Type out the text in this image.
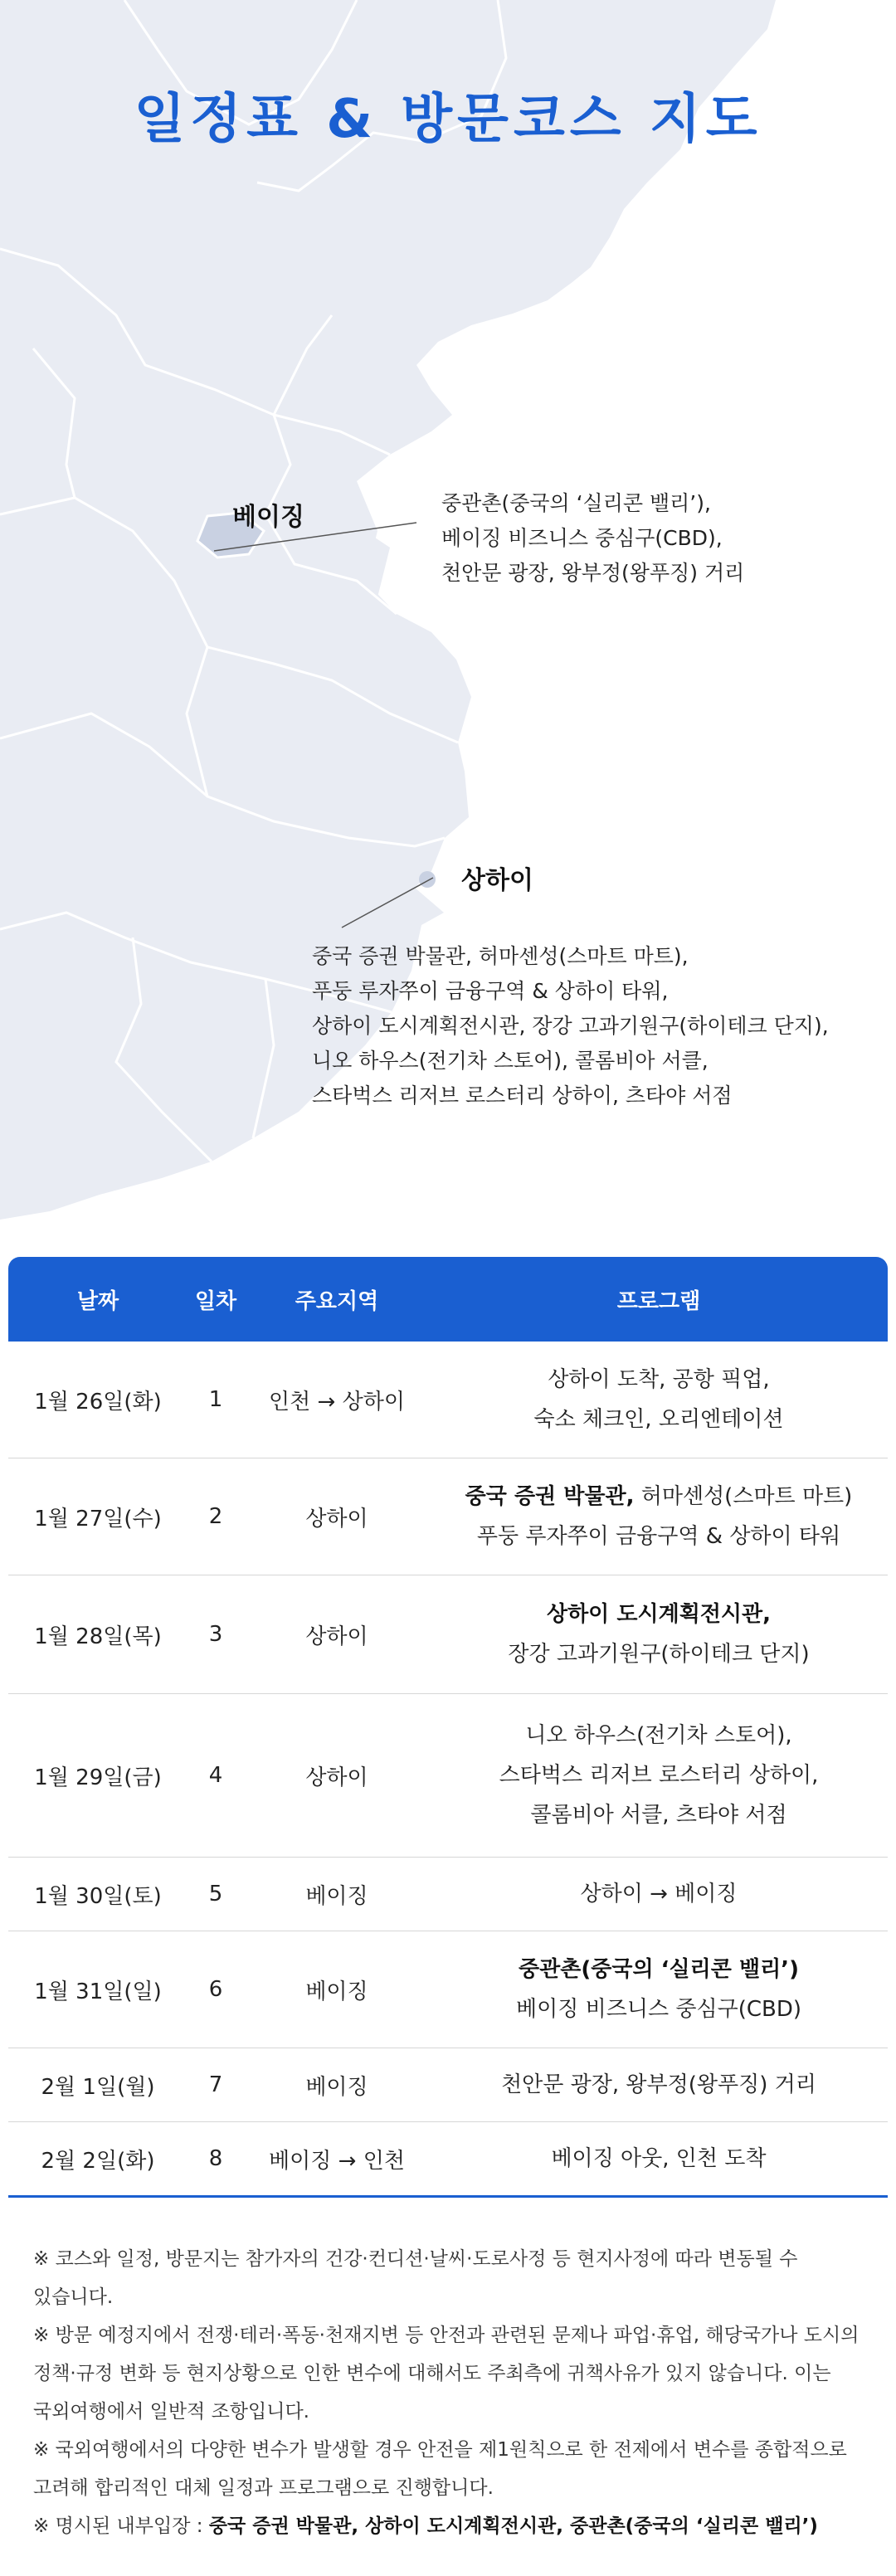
일정표 & 방문코스 지도
베이징	중관촌(중국의 ‘실리콘 밸리’),
베이징 비즈니스 중심구(CBD),
천안문 광장, 왕부정(왕푸징) 거리
상하이
중국 증권 박물관, 허마센성(스마트 마트),
푸둥 루자쭈이 금융구역 & 상하이 타워,
상하이 도시계획전시관, 장강 고과기원구(하이테크 단지),
니오 하우스(전기차 스토어), 콜롬비아 서클,
스타벅스 리저브 로스터리 상하이, 츠타야 서점
날짜	일차	주요지역	프로그램
1월 26일(화)	1	인천 → 상하이
상하이 도착, 공항 픽업,
숙소 체크인, 오리엔테이션
1월 27일(수)	2	상하이
중국 증권 박물관, 허마센성(스마트 마트)
푸둥 루자쭈이 금융구역 & 상하이 타워
1월 28일(목)	3	상하이
상하이 도시계획전시관,
장강 고과기원구(하이테크 단지)
1월 29일(금)	4	상하이
니오 하우스(전기차 스토어),
스타벅스 리저브 로스터리 상하이,
콜롬비아 서클, 츠타야 서점
1월 30일(토)	5	베이징	상하이 → 베이징
1월 31일(일)	6	베이징
중관촌(중국의 ‘실리콘 밸리’)
베이징 비즈니스 중심구(CBD)
2월 1일(월)	7	베이징	천안문 광장, 왕부정(왕푸징) 거리
2월 2일(화)	8	베이징 → 인천	베이징 아웃, 인천 도착

※ 코스와 일정, 방문지는 참가자의 건강·컨디션·날씨·도로사정 등 현지사정에 따라 변동될 수 있습니다.

※ 방문 예정지에서 전쟁·테러·폭동·천재지변 등 안전과 관련된 문제나 파업·휴업, 해당국가나 도시의 정책·규정 변화 등 현지상황으로 인한 변수에 대해서도 주최측에 귀책사유가 있지 않습니다. 이는 국외여행에서 일반적 조항입니다.

※ 국외여행에서의 다양한 변수가 발생할 경우 안전을 제1원칙으로 한 전제에서 변수를 종합적으로 고려해 합리적인 대체 일정과 프로그램으로 진행합니다.

※ 명시된 내부입장 : 중국 증권 박물관, 상하이 도시계획전시관, 중관촌(중국의 ‘실리콘 밸리’)
